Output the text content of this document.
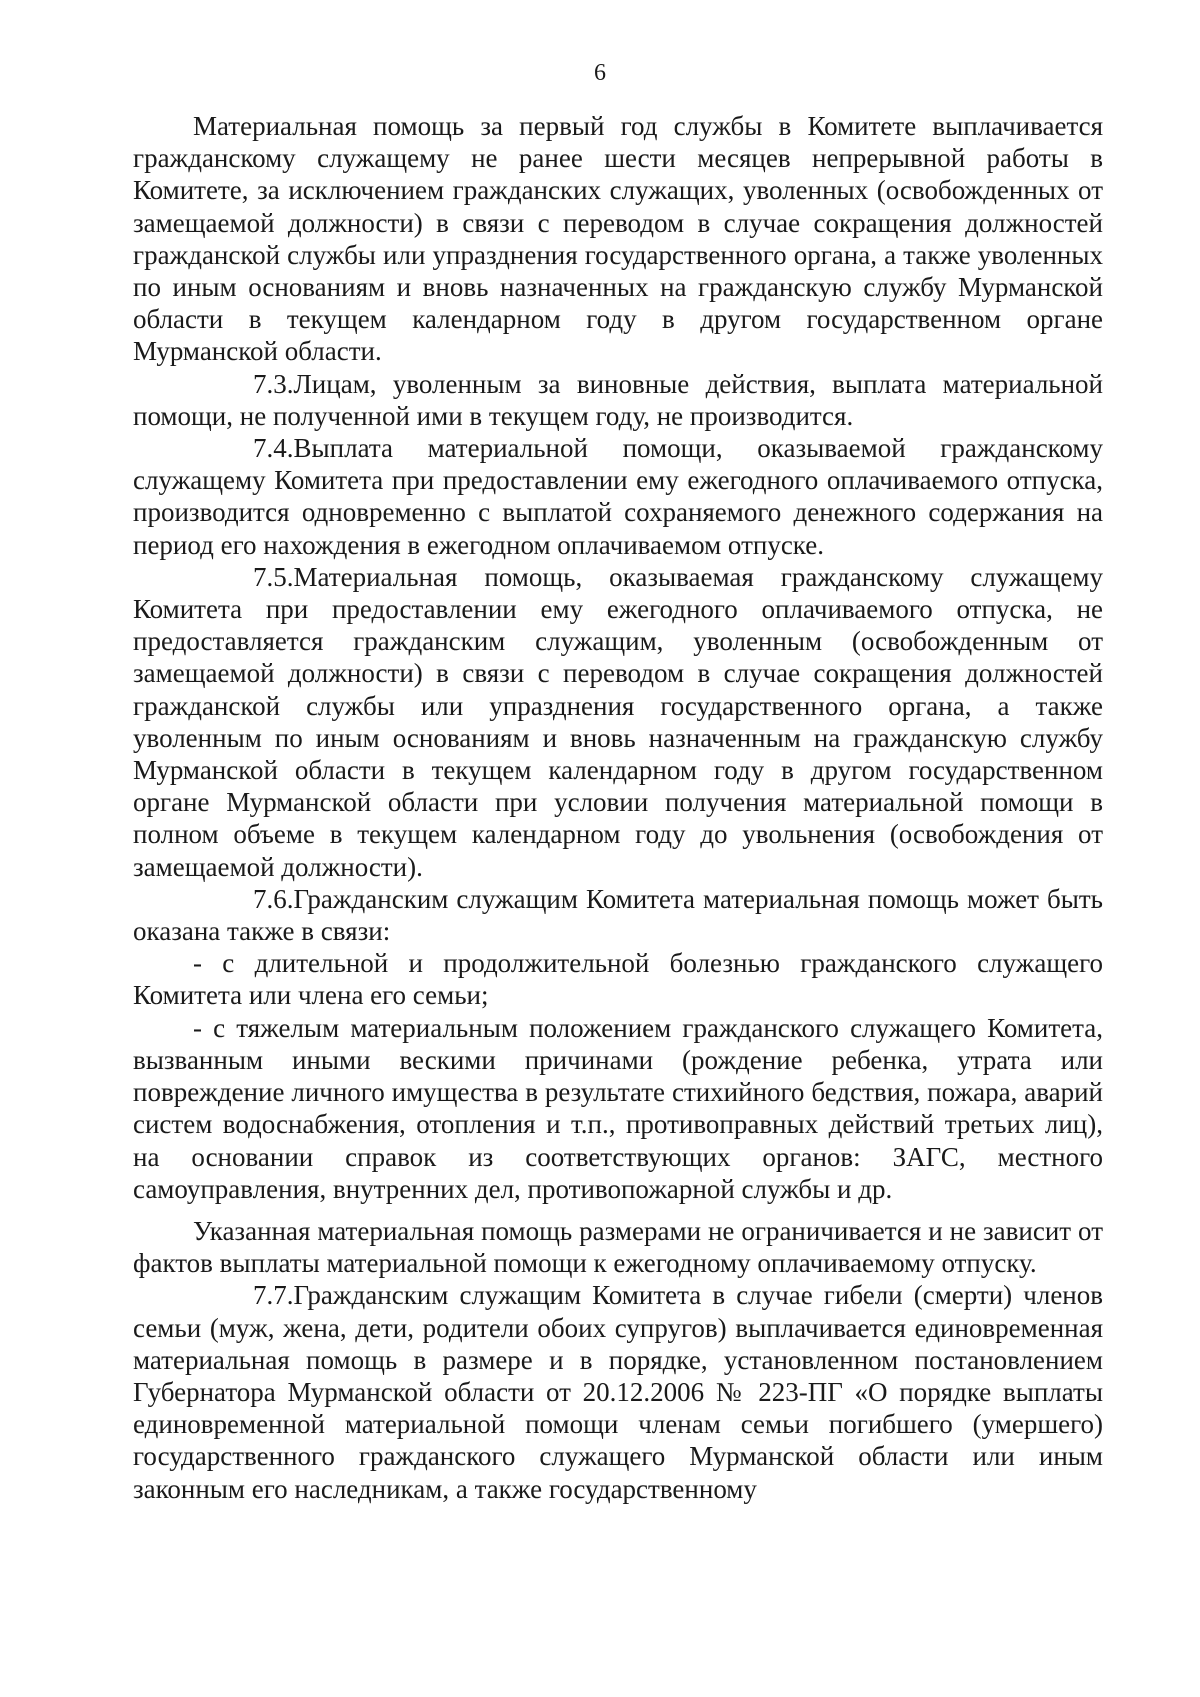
6

Материальная помощь за первый год службы в Комитете выплачивается гражданскому служащему не ранее шести месяцев непрерывной работы в Комитете, за исключением гражданских служащих, уволенных (освобожденных от замещаемой должности) в связи с переводом в случае сокращения должностей гражданской службы или упразднения государственного органа, а также уволенных по иным основаниям и вновь назначенных на гражданскую службу Мурманской области в текущем календарном году в другом государственном органе Мурманской области.

7.3.Лицам, уволенным за виновные действия, выплата материальной помощи, не полученной ими в текущем году, не производится.

7.4.Выплата материальной помощи, оказываемой гражданскому служащему Комитета при предоставлении ему ежегодного оплачиваемого отпуска, производится одновременно с выплатой сохраняемого денежного содержания на период его нахождения в ежегодном оплачиваемом отпуске.

7.5.Материальная помощь, оказываемая гражданскому служащему Комитета при предоставлении ему ежегодного оплачиваемого отпуска, не предоставляется гражданским служащим, уволенным (освобожденным от замещаемой должности) в связи с переводом в случае сокращения должностей гражданской службы или упразднения государственного органа, а также уволенным по иным основаниям и вновь назначенным на гражданскую службу Мурманской области в текущем календарном году в другом государственном органе Мурманской области при условии получения материальной помощи в полном объеме в текущем календарном году до увольнения (освобождения от замещаемой должности).

7.6.Гражданским служащим Комитета материальная помощь может быть оказана также в связи:

- с длительной и продолжительной болезнью гражданского служащего Комитета или члена его семьи;

- с тяжелым материальным положением гражданского служащего Комитета, вызванным иными вескими причинами (рождение ребенка, утрата или повреждение личного имущества в результате стихийного бедствия, пожара, аварий систем водоснабжения, отопления и т.п., противоправных действий третьих лиц), на основании справок из соответствующих органов: ЗАГС, местного самоуправления, внутренних дел, противопожарной службы и др.

Указанная материальная помощь размерами не ограничивается и не зависит от фактов выплаты материальной помощи к ежегодному оплачиваемому отпуску.

7.7.Гражданским служащим Комитета в случае гибели (смерти) членов семьи (муж, жена, дети, родители обоих супругов) выплачивается единовременная материальная помощь в размере и в порядке, установленном постановлением Губернатора Мурманской области от 20.12.2006 № 223-ПГ «О порядке выплаты единовременной материальной помощи членам семьи погибшего (умершего) государственного гражданского служащего Мурманской области или иным законным его наследникам, а также государственному
